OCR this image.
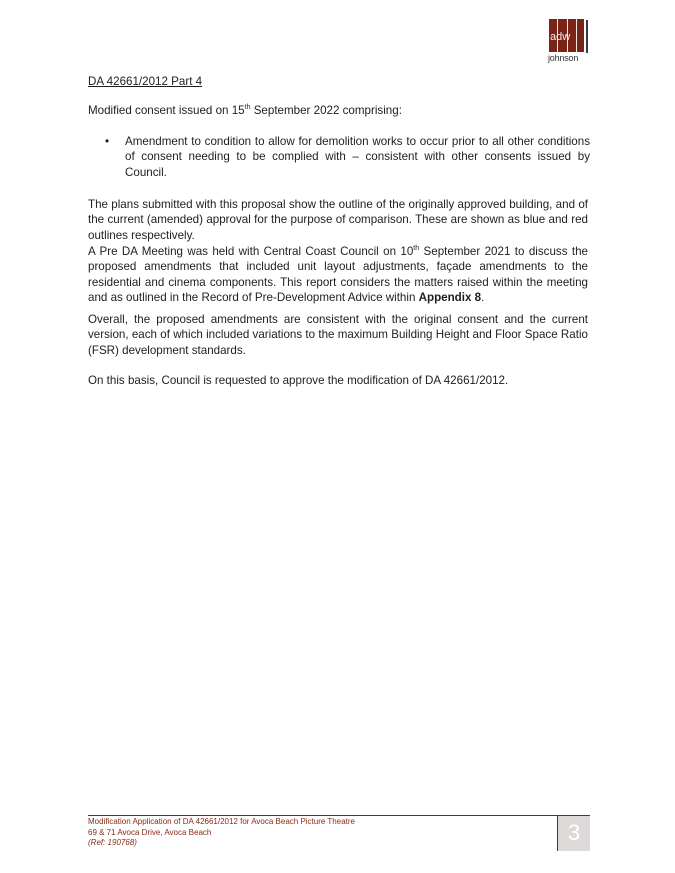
adw
johnson

DA 42661/2012 Part 4

Modified consent issued on 15th September 2022 comprising:

• Amendment to condition to allow for demolition works to occur prior to all other conditions of consent needing to be complied with – consistent with other consents issued by Council.

The plans submitted with this proposal show the outline of the originally approved building, and of the current (amended) approval for the purpose of comparison. These are shown as blue and red outlines respectively.

A Pre DA Meeting was held with Central Coast Council on 10th September 2021 to discuss the proposed amendments that included unit layout adjustments, façade amendments to the residential and cinema components. This report considers the matters raised within the meeting and as outlined in the Record of Pre-Development Advice within Appendix 8.

Overall, the proposed amendments are consistent with the original consent and the current version, each of which included variations to the maximum Building Height and Floor Space Ratio (FSR) development standards.

On this basis, Council is requested to approve the modification of DA 42661/2012.

Modification Application of DA 42661/2012 for Avoca Beach Picture Theatre
69 & 71 Avoca Drive, Avoca Beach
(Ref: 190768)	3
